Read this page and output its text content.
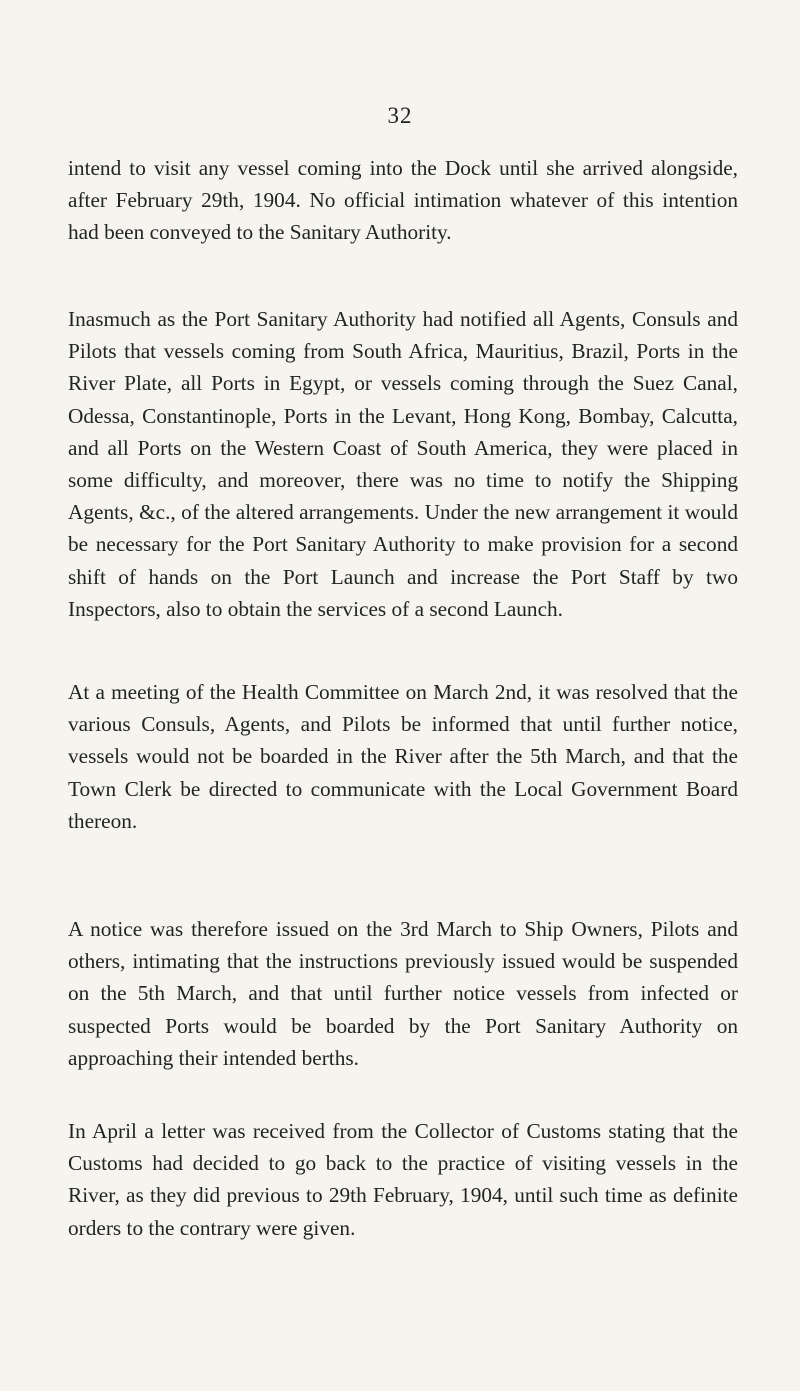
32

intend to visit any vessel coming into the Dock until she arrived alongside, after February 29th, 1904. No official intimation whatever of this intention had been conveyed to the Sanitary Authority.

Inasmuch as the Port Sanitary Authority had notified all Agents, Consuls and Pilots that vessels coming from South Africa, Mauritius, Brazil, Ports in the River Plate, all Ports in Egypt, or vessels coming through the Suez Canal, Odessa, Constantinople, Ports in the Levant, Hong Kong, Bombay, Calcutta, and all Ports on the Western Coast of South America, they were placed in some difficulty, and moreover, there was no time to notify the Shipping Agents, &c., of the altered arrangements. Under the new arrangement it would be necessary for the Port Sanitary Authority to make provision for a second shift of hands on the Port Launch and increase the Port Staff by two Inspectors, also to obtain the services of a second Launch.

At a meeting of the Health Committee on March 2nd, it was resolved that the various Consuls, Agents, and Pilots be informed that until further notice, vessels would not be boarded in the River after the 5th March, and that the Town Clerk be directed to communicate with the Local Government Board thereon.

A notice was therefore issued on the 3rd March to Ship Owners, Pilots and others, intimating that the instructions previously issued would be suspended on the 5th March, and that until further notice vessels from infected or suspected Ports would be boarded by the Port Sanitary Authority on approaching their intended berths.

In April a letter was received from the Collector of Customs stating that the Customs had decided to go back to the practice of visiting vessels in the River, as they did previous to 29th February, 1904, until such time as definite orders to the contrary were given.
